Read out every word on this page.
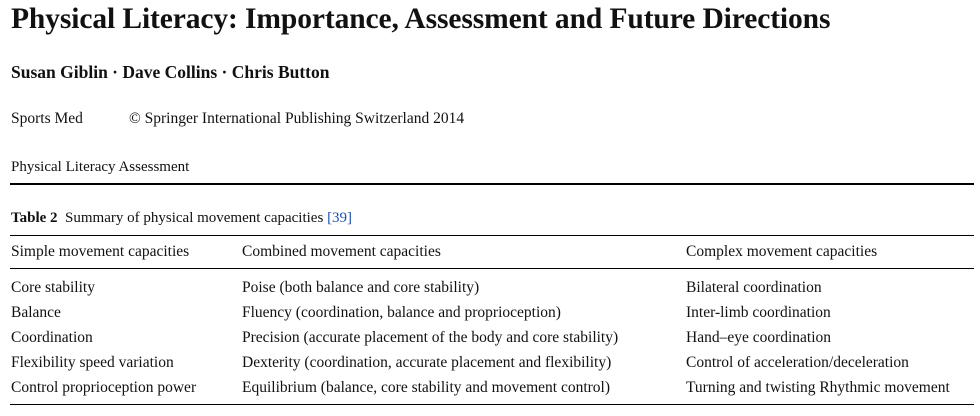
Physical Literacy: Importance, Assessment and Future Directions
Susan Giblin · Dave Collins · Chris Button
Sports Med	© Springer International Publishing Switzerland 2014
Physical Literacy Assessment
Table 2 Summary of physical movement capacities [39]
Simple movement capacities	Combined movement capacities	Complex movement capacities
Core stability	Poise (both balance and core stability)	Bilateral coordination
Balance	Fluency (coordination, balance and proprioception)	Inter-limb coordination
Coordination	Precision (accurate placement of the body and core stability)	Hand–eye coordination
Flexibility speed variation	Dexterity (coordination, accurate placement and flexibility)	Control of acceleration/deceleration
Control proprioception power	Equilibrium (balance, core stability and movement control)	Turning and twisting Rhythmic movement
